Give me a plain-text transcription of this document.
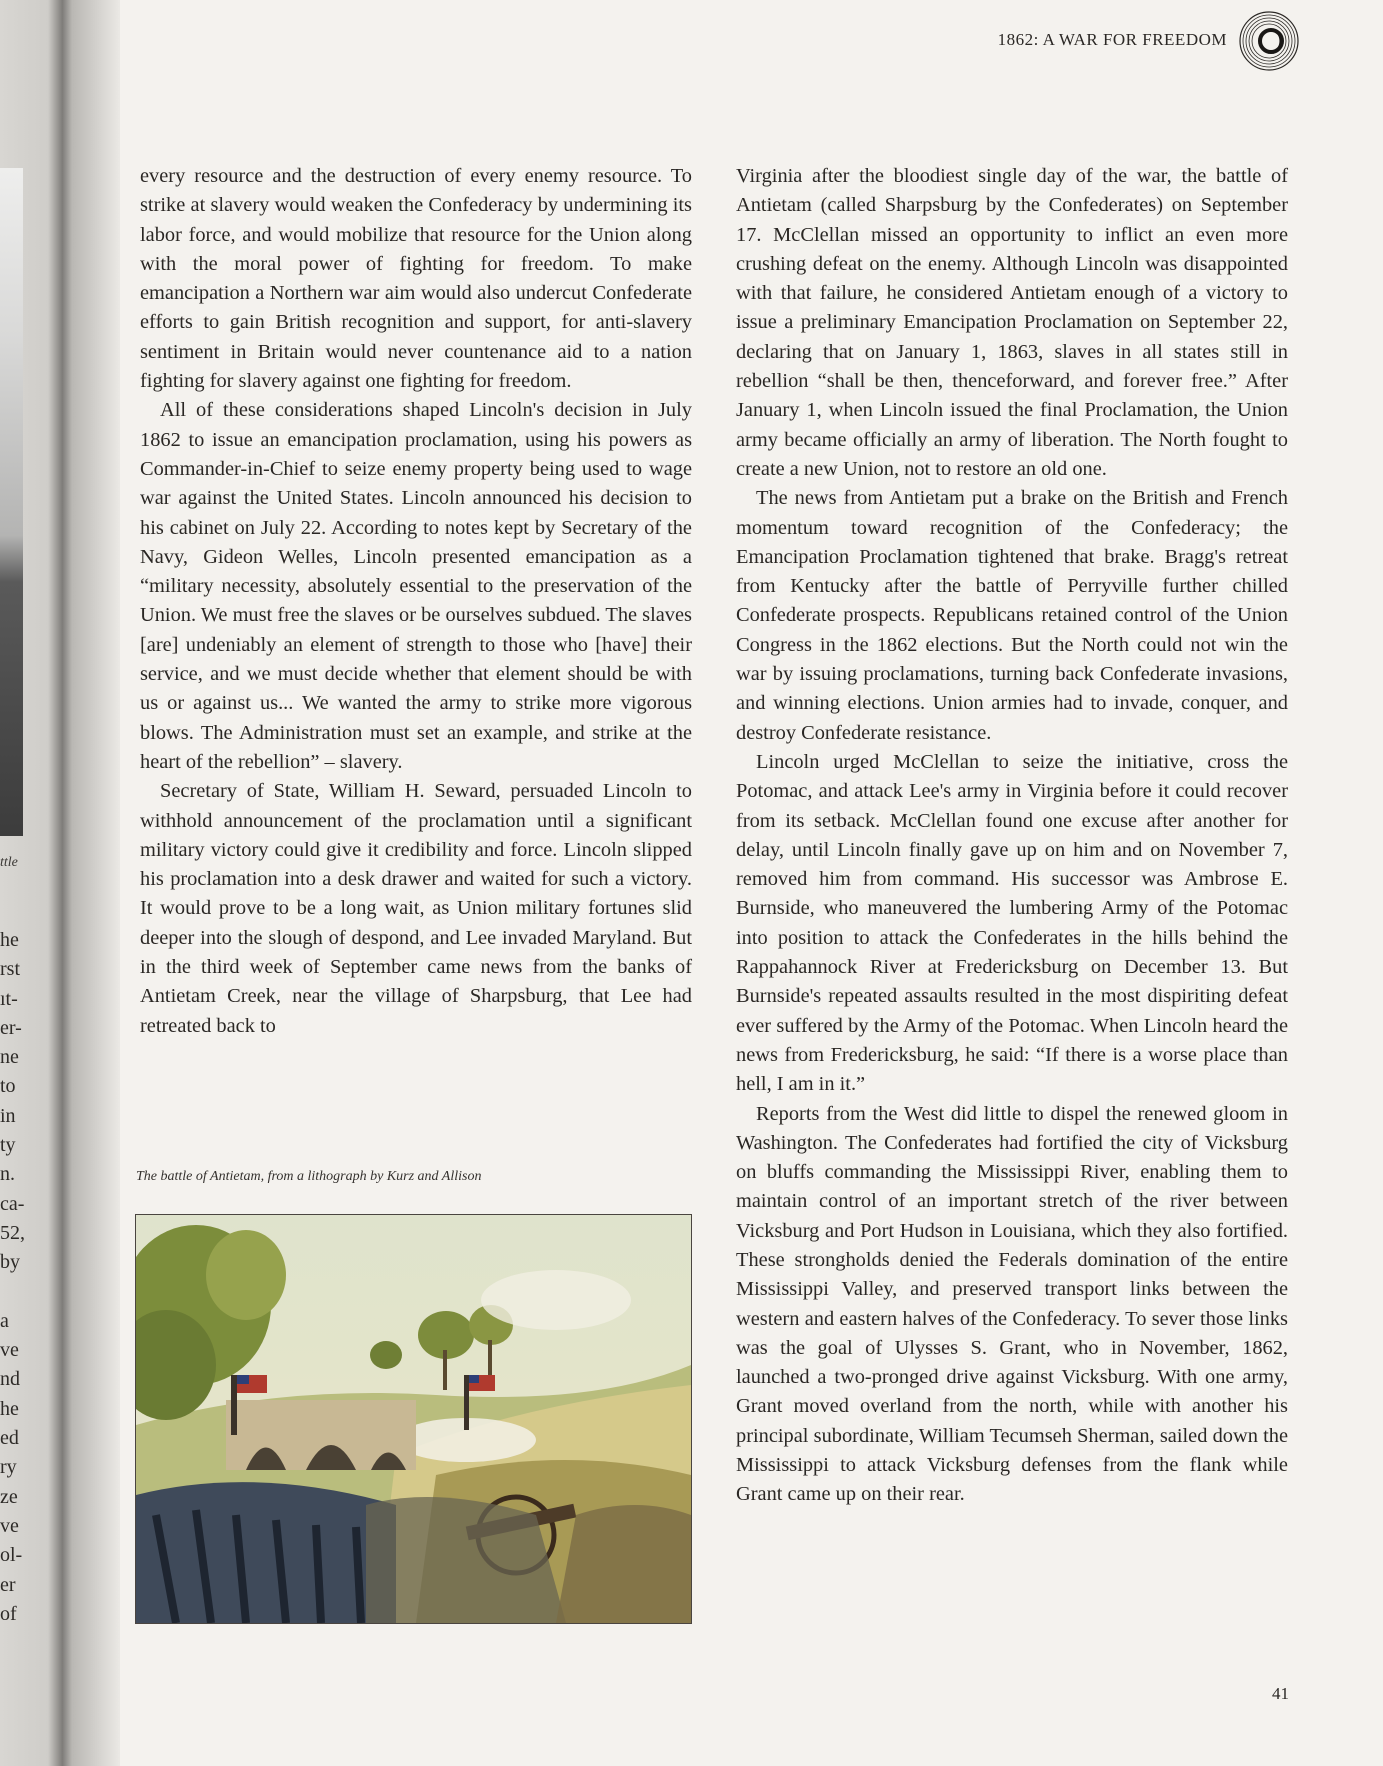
ttle
he
rst
ıt-
er-
ne
to
in
ty
n.
ca-
52,
by
a
ve
nd
he
ed
ry
ze
ve
ol-
er
of
1862: A WAR FOR FREEDOM

every resource and the destruction of every enemy resource. To strike at slavery would weaken the Confederacy by undermining its labor force, and would mobilize that resource for the Union along with the moral power of fighting for freedom. To make emancipation a Northern war aim would also undercut Confederate efforts to gain British recognition and support, for anti-slavery sentiment in Britain would never countenance aid to a nation fighting for slavery against one fighting for freedom.

All of these considerations shaped Lincoln's decision in July 1862 to issue an emancipation proclamation, using his powers as Commander-in-Chief to seize enemy property being used to wage war against the United States. Lincoln announced his decision to his cabinet on July 22. According to notes kept by Secretary of the Navy, Gideon Welles, Lincoln presented emancipation as a “military necessity, absolutely essential to the preservation of the Union. We must free the slaves or be ourselves subdued. The slaves [are] undeniably an element of strength to those who [have] their service, and we must decide whether that element should be with us or against us... We wanted the army to strike more vigorous blows. The Administration must set an example, and strike at the heart of the rebellion” – slavery.

Secretary of State, William H. Seward, persuaded Lincoln to withhold announcement of the proclamation until a significant military victory could give it credibility and force. Lincoln slipped his proclamation into a desk drawer and waited for such a victory. It would prove to be a long wait, as Union military fortunes slid deeper into the slough of despond, and Lee invaded Maryland. But in the third week of September came news from the banks of Antietam Creek, near the village of Sharpsburg, that Lee had retreated back to

The battle of Antietam, from a lithograph by Kurz and Allison

Virginia after the bloodiest single day of the war, the battle of Antietam (called Sharpsburg by the Confederates) on September 17. McClellan missed an opportunity to inflict an even more crushing defeat on the enemy. Although Lincoln was disappointed with that failure, he considered Antietam enough of a victory to issue a preliminary Emancipation Proclamation on September 22, declaring that on January 1, 1863, slaves in all states still in rebellion “shall be then, thenceforward, and forever free.” After January 1, when Lincoln issued the final Proclamation, the Union army became officially an army of liberation. The North fought to create a new Union, not to restore an old one.

The news from Antietam put a brake on the British and French momentum toward recognition of the Confederacy; the Emancipation Proclamation tightened that brake. Bragg's retreat from Kentucky after the battle of Perryville further chilled Confederate prospects. Republicans retained control of the Union Congress in the 1862 elections. But the North could not win the war by issuing proclamations, turning back Confederate invasions, and winning elections. Union armies had to invade, conquer, and destroy Confederate resistance.

Lincoln urged McClellan to seize the initiative, cross the Potomac, and attack Lee's army in Virginia before it could recover from its setback. McClellan found one excuse after another for delay, until Lincoln finally gave up on him and on November 7, removed him from command. His successor was Ambrose E. Burnside, who maneuvered the lumbering Army of the Potomac into position to attack the Confederates in the hills behind the Rappahannock River at Fredericksburg on December 13. But Burnside's repeated assaults resulted in the most dispiriting defeat ever suffered by the Army of the Potomac. When Lincoln heard the news from Fredericksburg, he said: “If there is a worse place than hell, I am in it.”

Reports from the West did little to dispel the renewed gloom in Washington. The Confederates had fortified the city of Vicksburg on bluffs commanding the Mississippi River, enabling them to maintain control of an important stretch of the river between Vicksburg and Port Hudson in Louisiana, which they also fortified. These strongholds denied the Federals domination of the entire Mississippi Valley, and preserved transport links between the western and eastern halves of the Confederacy. To sever those links was the goal of Ulysses S. Grant, who in November, 1862, launched a two-pronged drive against Vicksburg. With one army, Grant moved overland from the north, while with another his principal subordinate, William Tecumseh Sherman, sailed down the Mississippi to attack Vicksburg defenses from the flank while Grant came up on their rear.

41
